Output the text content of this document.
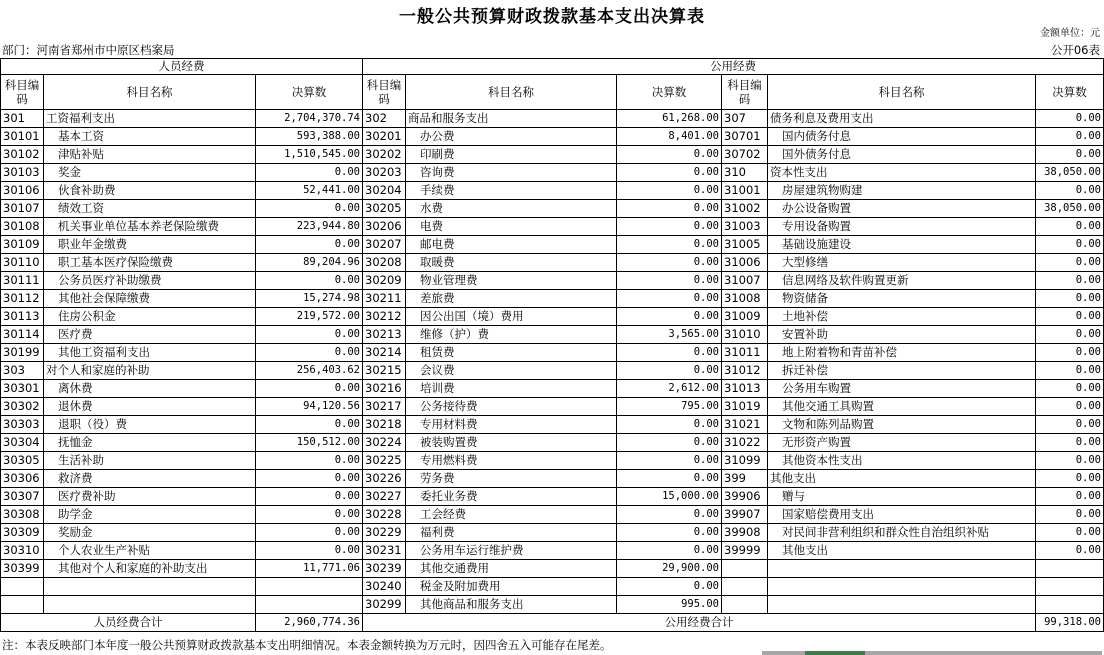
一般公共预算财政拨款基本支出决算表
金额单位：元
部门：河南省郑州市中原区档案局	公开06表
人员经费			公用经费					
科目编码	科目名称	决算数	科目编码	科目名称	决算数	科目编码	科目名称	决算数
301	工资福利支出	2,704,370.74	302	商品和服务支出	61,268.00	307	债务利息及费用支出	0.00
30101	基本工资	593,388.00	30201	办公费	8,401.00	30701	国内债务付息	0.00
30102	津贴补贴	1,510,545.00	30202	印刷费	0.00	30702	国外债务付息	0.00
30103	奖金	0.00	30203	咨询费	0.00	310	资本性支出	38,050.00
30106	伙食补助费	52,441.00	30204	手续费	0.00	31001	房屋建筑物购建	0.00
30107	绩效工资	0.00	30205	水费	0.00	31002	办公设备购置	38,050.00
30108	机关事业单位基本养老保险缴费	223,944.80	30206	电费	0.00	31003	专用设备购置	0.00
30109	职业年金缴费	0.00	30207	邮电费	0.00	31005	基础设施建设	0.00
30110	职工基本医疗保险缴费	89,204.96	30208	取暖费	0.00	31006	大型修缮	0.00
30111	公务员医疗补助缴费	0.00	30209	物业管理费	0.00	31007	信息网络及软件购置更新	0.00
30112	其他社会保障缴费	15,274.98	30211	差旅费	0.00	31008	物资储备	0.00
30113	住房公积金	219,572.00	30212	因公出国（境）费用	0.00	31009	土地补偿	0.00
30114	医疗费	0.00	30213	维修（护）费	3,565.00	31010	安置补助	0.00
30199	其他工资福利支出	0.00	30214	租赁费	0.00	31011	地上附着物和青苗补偿	0.00
303	对个人和家庭的补助	256,403.62	30215	会议费	0.00	31012	拆迁补偿	0.00
30301	离休费	0.00	30216	培训费	2,612.00	31013	公务用车购置	0.00
30302	退休费	94,120.56	30217	公务接待费	795.00	31019	其他交通工具购置	0.00
30303	退职（役）费	0.00	30218	专用材料费	0.00	31021	文物和陈列品购置	0.00
30304	抚恤金	150,512.00	30224	被装购置费	0.00	31022	无形资产购置	0.00
30305	生活补助	0.00	30225	专用燃料费	0.00	31099	其他资本性支出	0.00
30306	救济费	0.00	30226	劳务费	0.00	399	其他支出	0.00
30307	医疗费补助	0.00	30227	委托业务费	15,000.00	39906	赠与	0.00
30308	助学金	0.00	30228	工会经费	0.00	39907	国家赔偿费用支出	0.00
30309	奖励金	0.00	30229	福利费	0.00	39908	对民间非营利组织和群众性自治组织补贴	0.00
30310	个人农业生产补贴	0.00	30231	公务用车运行维护费	0.00	39999	其他支出	0.00
30399	其他对个人和家庭的补助支出	11,771.06	30239	其他交通费用	29,900.00			
			30240	税金及附加费用	0.00			
			30299	其他商品和服务支出	995.00			
人员经费合计		2,960,774.36	公用经费合计					99,318.00
注：本表反映部门本年度一般公共预算财政拨款基本支出明细情况。本表金额转换为万元时，因四舍五入可能存在尾差。
